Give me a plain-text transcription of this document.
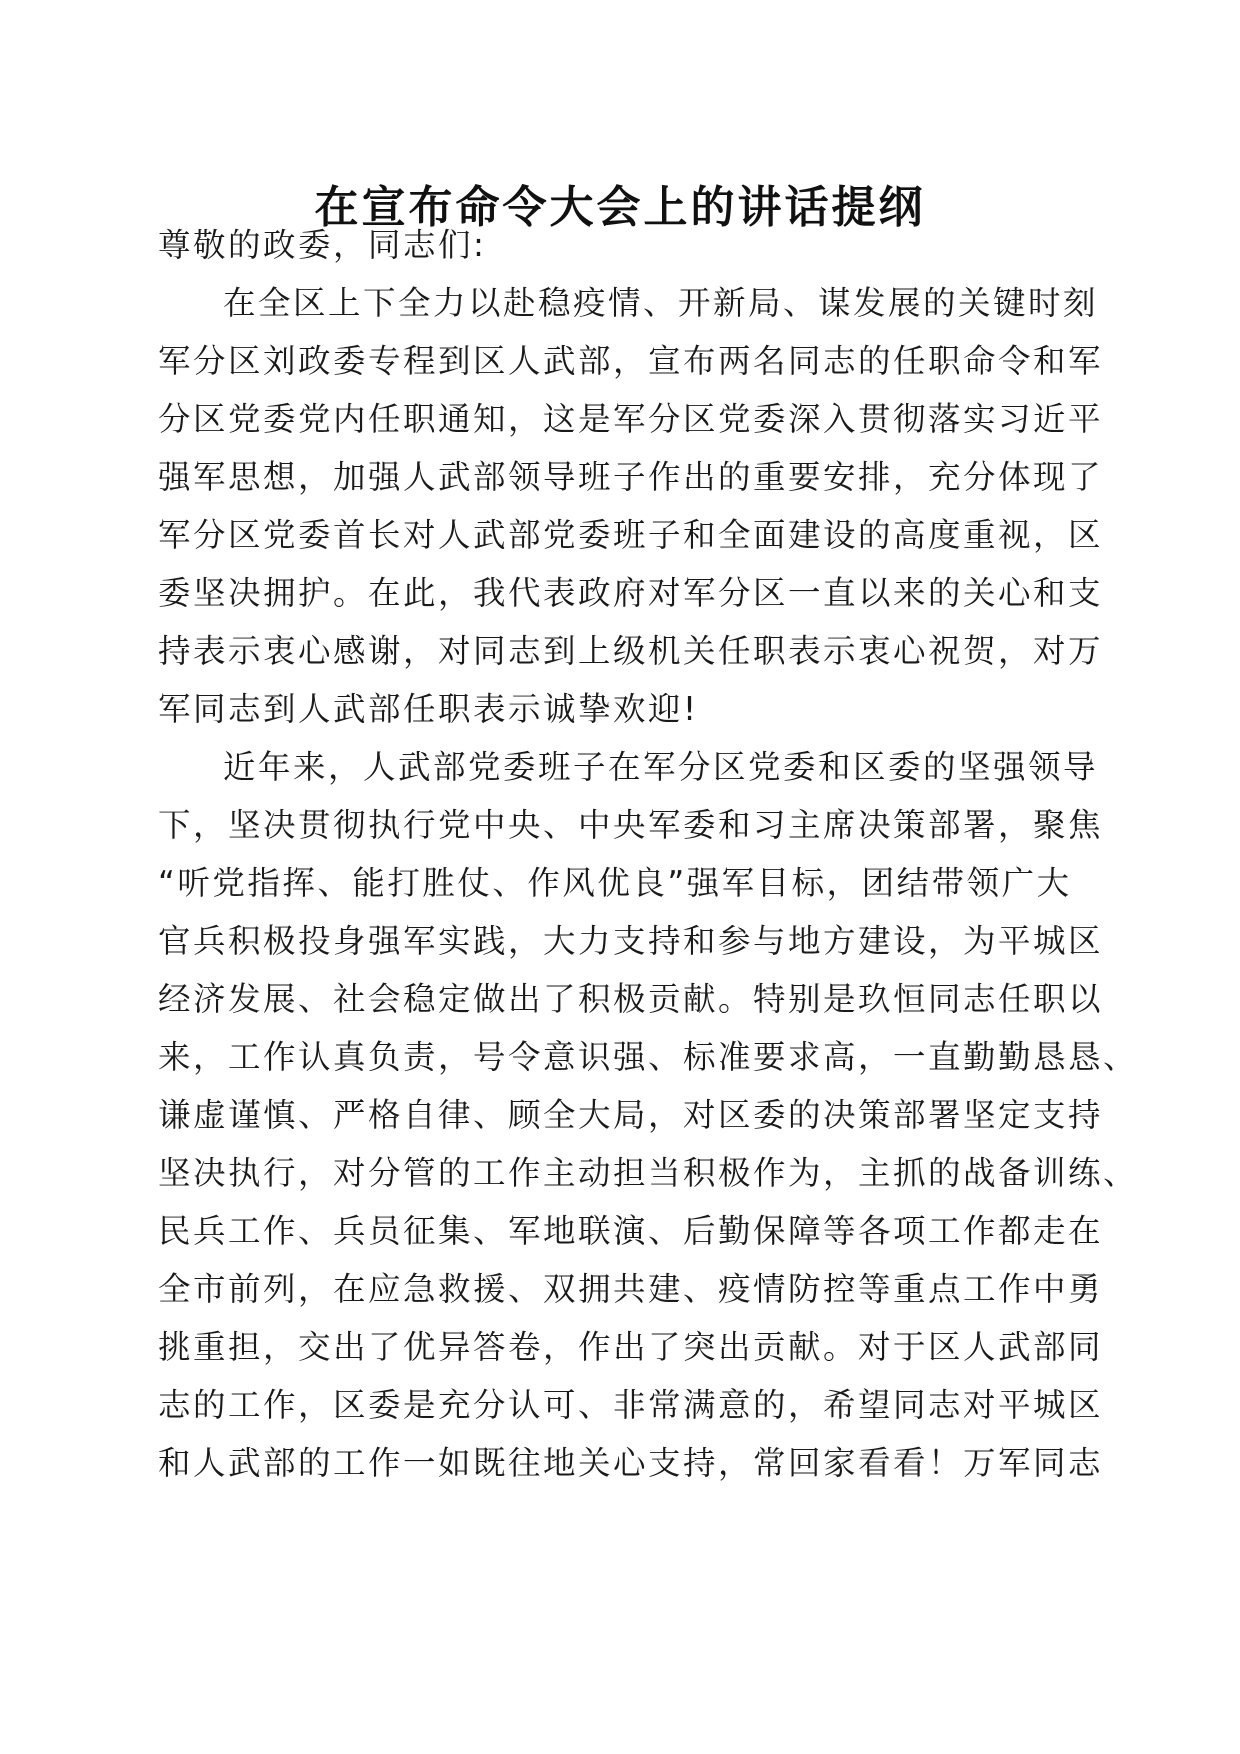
在宣布命令大会上的讲话提纲
尊敬的政委，同志们:
在全区上下全力以赴稳疫情、开新局、谋发展的关键时刻
军分区刘政委专程到区人武部，宣布两名同志的任职命令和军
分区党委党内任职通知，这是军分区党委深入贯彻落实习近平
强军思想，加强人武部领导班子作出的重要安排，充分体现了
军分区党委首长对人武部党委班子和全面建设的高度重视，区
委坚决拥护。在此，我代表政府对军分区一直以来的关心和支
持表示衷心感谢，对同志到上级机关任职表示衷心祝贺，对万
军同志到人武部任职表示诚挚欢迎!
近年来，人武部党委班子在军分区党委和区委的坚强领导
下，坚决贯彻执行党中央、中央军委和习主席决策部署，聚焦
“听党指挥、能打胜仗、作风优良”强军目标，团结带领广大
官兵积极投身强军实践，大力支持和参与地方建设，为平城区
经济发展、社会稳定做出了积极贡献。特别是玖恒同志任职以
来，工作认真负责，号令意识强、标准要求高，一直勤勤恳恳、
谦虚谨慎、严格自律、顾全大局，对区委的决策部署坚定支持
坚决执行，对分管的工作主动担当积极作为，主抓的战备训练、
民兵工作、兵员征集、军地联演、后勤保障等各项工作都走在
全市前列，在应急救援、双拥共建、疫情防控等重点工作中勇
挑重担，交出了优异答卷，作出了突出贡献。对于区人武部同
志的工作，区委是充分认可、非常满意的，希望同志对平城区
和人武部的工作一如既往地关心支持，常回家看看！万军同志
